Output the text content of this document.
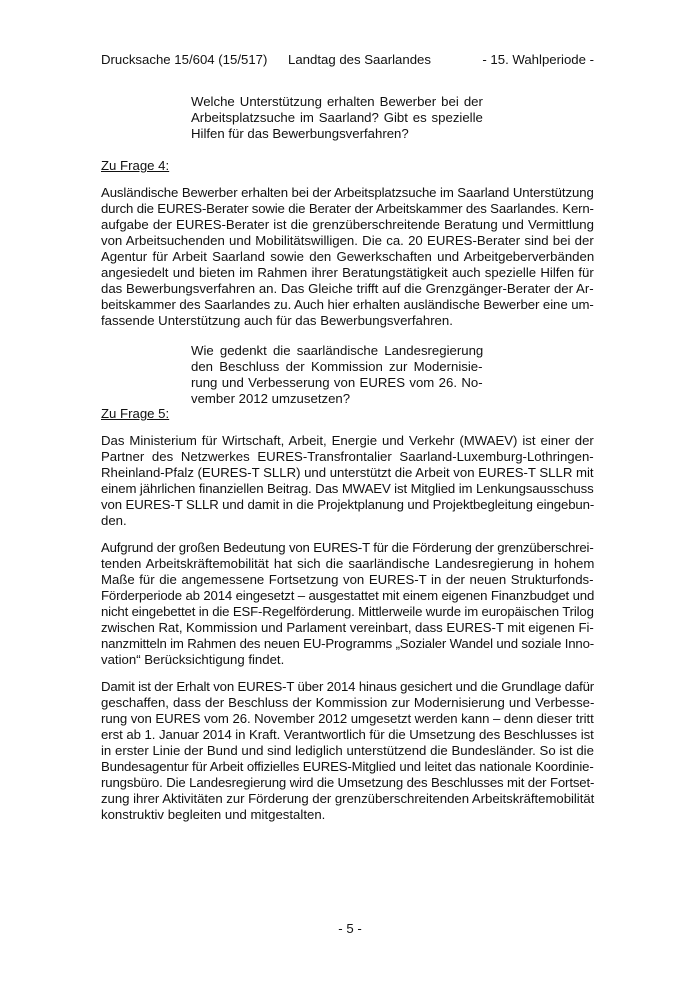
Drucksache 15/604 (15/517) Landtag des Saarlandes	- 15. Wahlperiode -
Welche Unterstützung erhalten Bewerber bei der
Arbeitsplatzsuche im Saarland? Gibt es spezielle
Hilfen für das Bewerbungsverfahren?
Zu Frage 4:
Ausländische Bewerber erhalten bei der Arbeitsplatzsuche im Saarland Unterstützung
durch die EURES-Berater sowie die Berater der Arbeitskammer des Saarlandes. Kern-
aufgabe der EURES-Berater ist die grenzüberschreitende Beratung und Vermittlung
von Arbeitsuchenden und Mobilitätswilligen. Die ca. 20 EURES-Berater sind bei der
Agentur für Arbeit Saarland sowie den Gewerkschaften und Arbeitgeberverbänden
angesiedelt und bieten im Rahmen ihrer Beratungstätigkeit auch spezielle Hilfen für
das Bewerbungsverfahren an. Das Gleiche trifft auf die Grenzgänger-Berater der Ar-
beitskammer des Saarlandes zu. Auch hier erhalten ausländische Bewerber eine um-
fassende Unterstützung auch für das Bewerbungsverfahren.
Wie gedenkt die saarländische Landesregierung
den Beschluss der Kommission zur Modernisie-
rung und Verbesserung von EURES vom 26. No-
vember 2012 umzusetzen?
Zu Frage 5:
Das Ministerium für Wirtschaft, Arbeit, Energie und Verkehr (MWAEV) ist einer der
Partner des Netzwerkes EURES-Transfrontalier Saarland-Luxemburg-Lothringen-
Rheinland-Pfalz (EURES-T SLLR) und unterstützt die Arbeit von EURES-T SLLR mit
einem jährlichen finanziellen Beitrag. Das MWAEV ist Mitglied im Lenkungsausschuss
von EURES-T SLLR und damit in die Projektplanung und Projektbegleitung eingebun-
den.
Aufgrund der großen Bedeutung von EURES-T für die Förderung der grenzüberschrei-
tenden Arbeitskräftemobilität hat sich die saarländische Landesregierung in hohem
Maße für die angemessene Fortsetzung von EURES-T in der neuen Strukturfonds-
Förderperiode ab 2014 eingesetzt – ausgestattet mit einem eigenen Finanzbudget und
nicht eingebettet in die ESF-Regelförderung. Mittlerweile wurde im europäischen Trilog
zwischen Rat, Kommission und Parlament vereinbart, dass EURES-T mit eigenen Fi-
nanzmitteln im Rahmen des neuen EU-Programms „Sozialer Wandel und soziale Inno-
vation“ Berücksichtigung findet.
Damit ist der Erhalt von EURES-T über 2014 hinaus gesichert und die Grundlage dafür
geschaffen, dass der Beschluss der Kommission zur Modernisierung und Verbesse-
rung von EURES vom 26. November 2012 umgesetzt werden kann – denn dieser tritt
erst ab 1. Januar 2014 in Kraft. Verantwortlich für die Umsetzung des Beschlusses ist
in erster Linie der Bund und sind lediglich unterstützend die Bundesländer. So ist die
Bundesagentur für Arbeit offizielles EURES-Mitglied und leitet das nationale Koordinie-
rungsbüro. Die Landesregierung wird die Umsetzung des Beschlusses mit der Fortset-
zung ihrer Aktivitäten zur Förderung der grenzüberschreitenden Arbeitskräftemobilität
konstruktiv begleiten und mitgestalten.
- 5 -
